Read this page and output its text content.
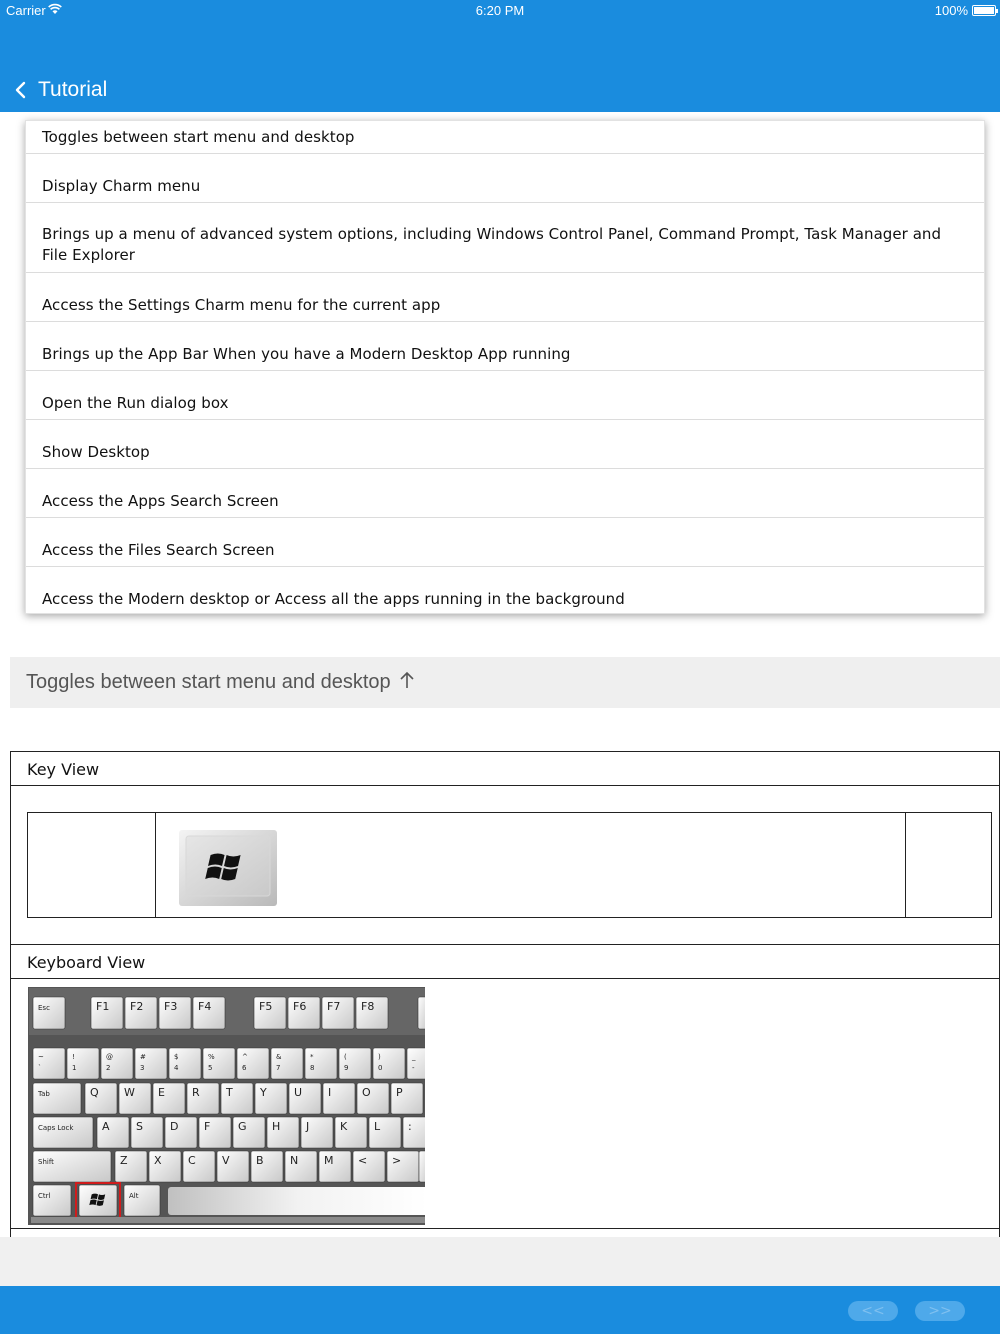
Carrier	6:20 PM	100%
Tutorial
Toggles between start menu and desktop
Display Charm menu
Brings up a menu of advanced system options, including Windows Control Panel, Command Prompt, Task Manager and File Explorer
Access the Settings Charm menu for the current app
Brings up the App Bar When you have a Modern Desktop App running
Open the Run dialog box
Show Desktop
Access the Apps Search Screen
Access the Files Search Screen
Access the Modern desktop or Access all the apps running in the background
Toggles between start menu and desktop
Key View
Keyboard View
Esc	F1 F2 F3 F4	F5 F6 F7 F8
~
`
!
1
@
2
#
3
$
4
%
5
^
6
&
7
*
8
(
9
)
0
_
-
Tab	Q W E R T Y U I	O P
Caps Lock	A S D F	G H J	K L	:
Shift	Z X C V B N M < >
Ctrl	Alt
<<	>>
